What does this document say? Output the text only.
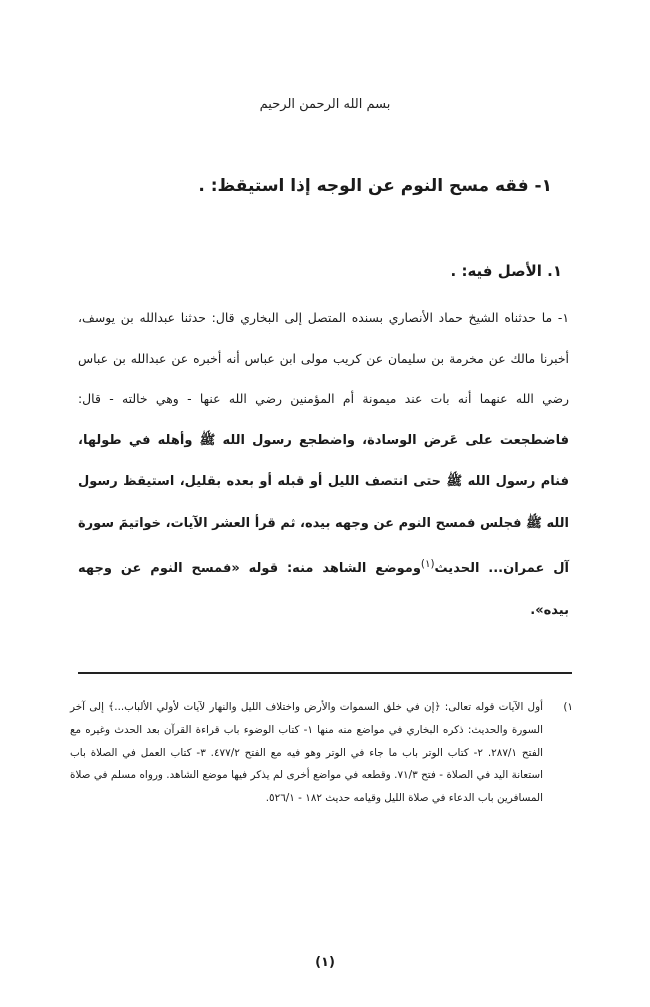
بسم الله الرحمن الرحيم
١- فقه مسح النوم عن الوجه إذا استيقظ: .
١. الأصل فيه: .

١- ما حدثناه الشيخ حماد الأنصاري بسنده المتصل إلى البخاري قال: حدثنا عبدالله بن يوسف، أخبرنا مالك عن مخرمة بن سليمان عن كريب مولى ابن عباس أنه أخبره عن عبدالله بن عباس رضي الله عنهما أنه بات عند ميمونة أم المؤمنين رضي الله عنها - وهي خالته - قال: فاضطجعت على عَرض الوسادة، واضطجع رسول الله ﷺ وأهله في طولها، فنام رسول الله ﷺ حتى انتصف الليل أو قبله أو بعده بقليل، استيقظ رسول الله ﷺ فجلس فمسح النوم عن وجهه بيده، ثم قرأ العشر الآيات، خواتيمَ سورة آل عمران... الحديث$^{(١)}$وموضع الشاهد منه: قوله «فمسح النوم عن وجهه بيده».

١)

أول الآيات قوله تعالى: ﴿إن في خلق السموات والأرض واختلاف الليل والنهار لآيات لأولي الألباب...﴾ إلى آخر السورة والحديث: ذكره البخاري في مواضع منه منها ١- كتاب الوضوء باب قراءة القرآن بعد الحدث وغيره مع الفتح ٢٨٧/١. ٢- كتاب الوتر باب ما جاء في الوتر وهو فيه مع الفتح ٤٧٧/٢. ٣- كتاب العمل في الصلاة باب استعانة اليد في الصلاة - فتح ٧١/٣. وقطعه في مواضع أخرى لم يذكر فيها موضع الشاهد. ورواه مسلم في صلاة المسافرين باب الدعاء في صلاة الليل وقيامه حديث ١٨٢ - ٥٢٦/١.

(١)
